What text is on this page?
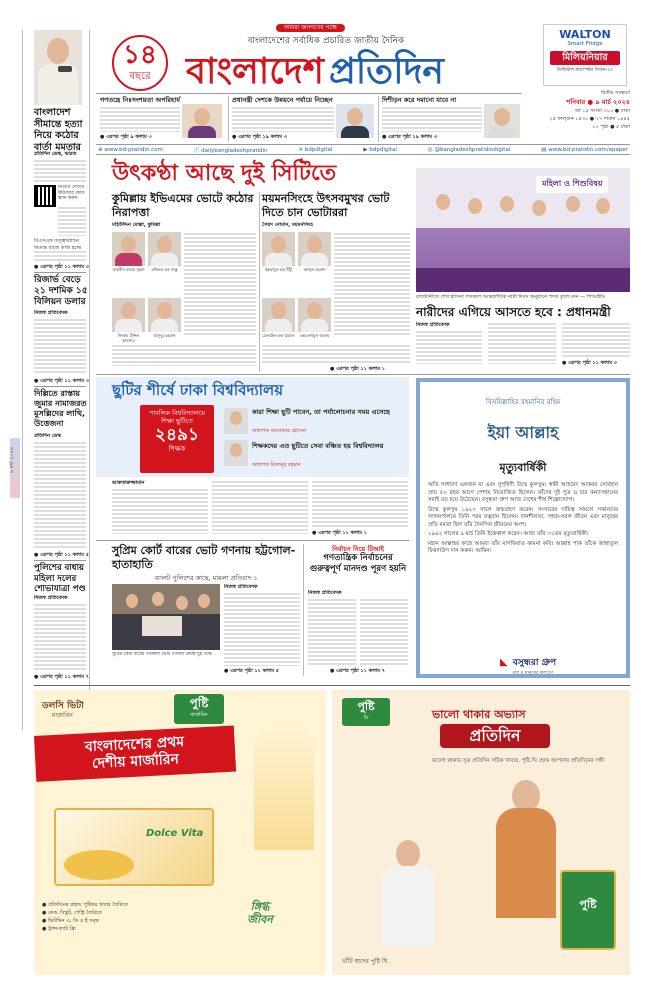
বাংলাদেশ সীমান্তে হত্যা নিয়ে কঠোর বার্তা মমতার
প্রতিদিন ডেস্ক, ভারত
ভিডিও দেখতে কিউআর কোড স্ক্যান করুন
বিএসএফ তত্ত্বাবধানে অত্যন্ত বাজে কাজ হচ্ছে
● এরপর পৃষ্ঠা ১১ কলাম ৩
রিজার্ভ বেড়ে ২১ দশমিক ১৫ বিলিয়ন ডলার
নিজস্ব প্রতিবেদক
● এরপর পৃষ্ঠা ১১ কলাম ৩
দিল্লিতে রাস্তায় জুমার নামাজরত মুসল্লিদের লাথি, উত্তেজনা
প্রতিদিন ডেস্ক
● এরপর পৃষ্ঠা ১১ কলাম ৫
পুলিশের বাধায় মহিলা দলের শোভাযাত্রা পণ্ড
নিজস্ব প্রতিবেদক
● এরপর পৃষ্ঠা ১১ কলাম ৭
৯ মার্চ ২০২৪
১৪
বছরে
আমরা জনগণের পক্ষে
বাংলাদেশের সর্বাধিক প্রচারিত জাতীয় দৈনিক
বাংলাদেশ প্রতিদিন
WALTON
Smart Fridge
মিলিয়নিয়ার
ডিজিটাল ক্যাম্পেইন সিজন-২০
দ্বিতীয় সংস্করণ
শনিবার ● ৯ মার্চ ২০২৪
বর্ষ ১৫ সংখ্যা ৩০০ ● ঢাকা
২৫ ফাল্গুন ১৪৩০ ● ২৭ শাবান ১৪৪৫
১২ পৃষ্ঠা ● ৫ টাকা
গণতন্ত্রে নিঃসংশয়তা অপরিহার্য
● এরপর পৃষ্ঠা ৯ কলাম ৩
প্রধানন্ত্রী দেশকে উন্নয়নে পর্যায়ে নিচ্ছেন
● এরপর পৃষ্ঠা ১৯ কলাম ৩
দিশীড়ন করে দমানো যাবে না
● এরপর পৃষ্ঠা ১৯ কলাম ৩
⊕ www.bd-pratidin.com	ⓕ dailybangladeshpratidin	✕ bdpdigital	▶ bdpdigital	◎ @bangladeshpratidindigital	▤ www.bd-pratidin.com/epaper
উৎকণ্ঠা আছে দুই সিটিতে
কুমিল্লায় ইভিএমের ভোটে কঠোর নিরাপত্তা
ময়মনসিংহে উৎসবমুখর ভোট দিতে চান ভোটাররা
মহিউদ্দিন মোল্লা, কুমিল্লা	সৈয়দ নোমান, ময়মনসিংহ
তাহসীন বাহার সূচনা	মনিরুল হক সাক্কু
নিজাম উদ্দিন কায়সার
মাসুদুর রহমান
ইকরামুল হক টিটু	আব্দুল রহমান
রেজাউল হক রিয়াজ	এহতেশামুল আলম
● এরপর পৃষ্ঠা ১১ কলাম ১
মহিলা ও শিশুবিষয়
রাজধানীতে শেখ হাসিনা গতকাল আন্তর্জাতিক নারী দিবস অনুষ্ঠানে পদক তুলে দেন — পিআইডি
নারীদের এগিয়ে আসতে হবে : প্রধানমন্ত্রী
নিজস্ব প্রতিবেদক
● এরপর পৃষ্ঠা ১১ কলাম ৩
ছুটির শীর্ষে ঢাকা বিশ্ববিদ্যালয়
পাবলিক বিশ্ববিদ্যালয়ে শিক্ষা ছুটিতে
২৪৯১
শিক্ষক
কারা শিক্ষা ছুটি পাবেন, তা পর্যালোচনার সময় এসেছে
অধ্যাপক আনোয়ার হোসেন
শিক্ষকদের এত ছুটিতে সেবা বঞ্চিত হয় বিশ্ববিদ্যালয়
অধ্যাপক মিজানুর রহমান
আকতারুজ্জামান
● এরপর পৃষ্ঠা ১১ কলাম ১
সুপ্রিম কোর্ট বারের ভোট গণনায় হট্টগোল-হাতাহাতি
ব্যালট পুলিশের কাছে, মামলা প্রতিবাদ ১
সুপ্রিম কোর্ট বারের গতকাল ভোট গণনায় কেন্দ্রে দুই পক্ষে
নিজস্ব প্রতিবেদক
● এরপর পৃষ্ঠা ১১ কলাম ৫
নির্বাচন নিয়ে টিআই
গণতান্ত্রিক নির্বাচনের গুরুত্বপূর্ণ মানদণ্ড পূরণ হয়নি
নিজস্ব প্রতিবেদক
● এরপর পৃষ্ঠা ১১ কলাম ৭
বিসমিল্লাহির রহমানির রহিম
ইয়া আল্লাহ
মৃত্যুবার্ষিকী
অতি সাধারণ একজন মা এবং সুগৃহিণী উম্মে কুলসুম। স্বামী আহমেদ আকবর সোবহান প্রায় ৫০ বছর আগে পেশায় নিয়োজিত ছিলেন। তাঁদের দুই পুত্র ও চার কন্যাসন্তানের সবাই বড় হয়ে উঠেছেন। বসুন্ধরা গ্রুপ আজ দেশের শীর্ষ শিল্পোদ্যোগ।
উম্মে কুলসুম ১৯২০ সালে জন্মগ্রহণ করেন। সংসারের দায়িত্ব সামলে সন্তানদের লালনপালনে তিনি পরম যত্নবান ছিলেন। দানশীলতা, সহজ-সরল জীবন এবং মানুষের প্রতি মমতা ছিল তাঁর দৈনন্দিন জীবনের অংশ।
১৯৯২ সালের ৯ মার্চ তিনি ইন্তেকাল করেন। আজ তাঁর ৩২তম মৃত্যুবার্ষিকী।
মহান আল্লাহর কাছে আমরা তাঁর মাগফিরাত কামনা করি। আল্লাহ পাক তাঁকে জান্নাতুল ফিরদাউস দান করুন। আমিন।
◣ বসুন্ধরা গ্রুপ
দেশ ও মানুষের কল্যাণে
ডলসি ভিটা
মার্জারিন
পুষ্টি
মার্জারিন
বাংলাদেশের প্রথম
দেশীয় মার্জারিন
Dolce Vita
● প্রতিদিনের রান্নায় পুষ্টিকর খাবার তৈরিতে
● কেক, বিস্কুট, পেস্ট্রি তৈরিতে
● ভিটামিন এ, ডি ও ই সমৃদ্ধ
● ট্রান্স-ফ্যাট ফ্রি
ঙ্গিগ্ধ
জীবন
পুষ্টি
ঘি	ভালো থাকার অভ্যাস
প্রতিদিন
ভালো থাকার সূত্র প্রতিদিন সঠিক খাবার, পুষ্টি ঘি হোক আপনার প্রতিদিনের সঙ্গী
পুষ্টি
খাঁটি স্বাদের পুষ্টি ঘি
